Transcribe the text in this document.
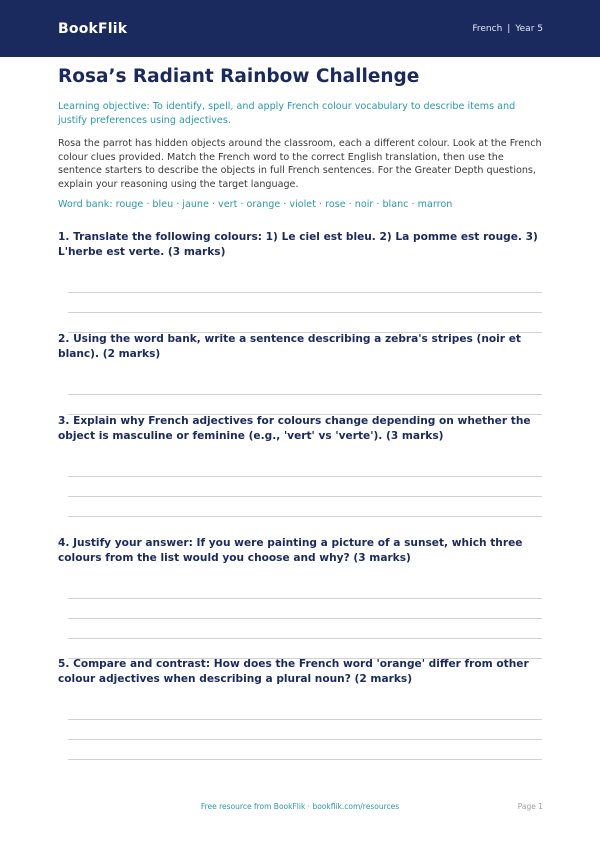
BookFlik	French | Year 5
Rosa’s Radiant Rainbow Challenge
Learning objective: To identify, spell, and apply French colour vocabulary to describe items and justify preferences using adjectives.
Rosa the parrot has hidden objects around the classroom, each a different colour. Look at the French colour clues provided. Match the French word to the correct English translation, then use the sentence starters to describe the objects in full French sentences. For the Greater Depth questions, explain your reasoning using the target language.
Word bank: rouge · bleu · jaune · vert · orange · violet · rose · noir · blanc · marron
1. Translate the following colours: 1) Le ciel est bleu. 2) La pomme est rouge. 3) L'herbe est verte. (3 marks)
2. Using the word bank, write a sentence describing a zebra's stripes (noir et blanc). (2 marks)
3. Explain why French adjectives for colours change depending on whether the object is masculine or feminine (e.g., 'vert' vs 'verte'). (3 marks)
4. Justify your answer: If you were painting a picture of a sunset, which three colours from the list would you choose and why? (3 marks)
5. Compare and contrast: How does the French word 'orange' differ from other colour adjectives when describing a plural noun? (2 marks)
Free resource from BookFlik · bookflik.com/resources	Page 1
